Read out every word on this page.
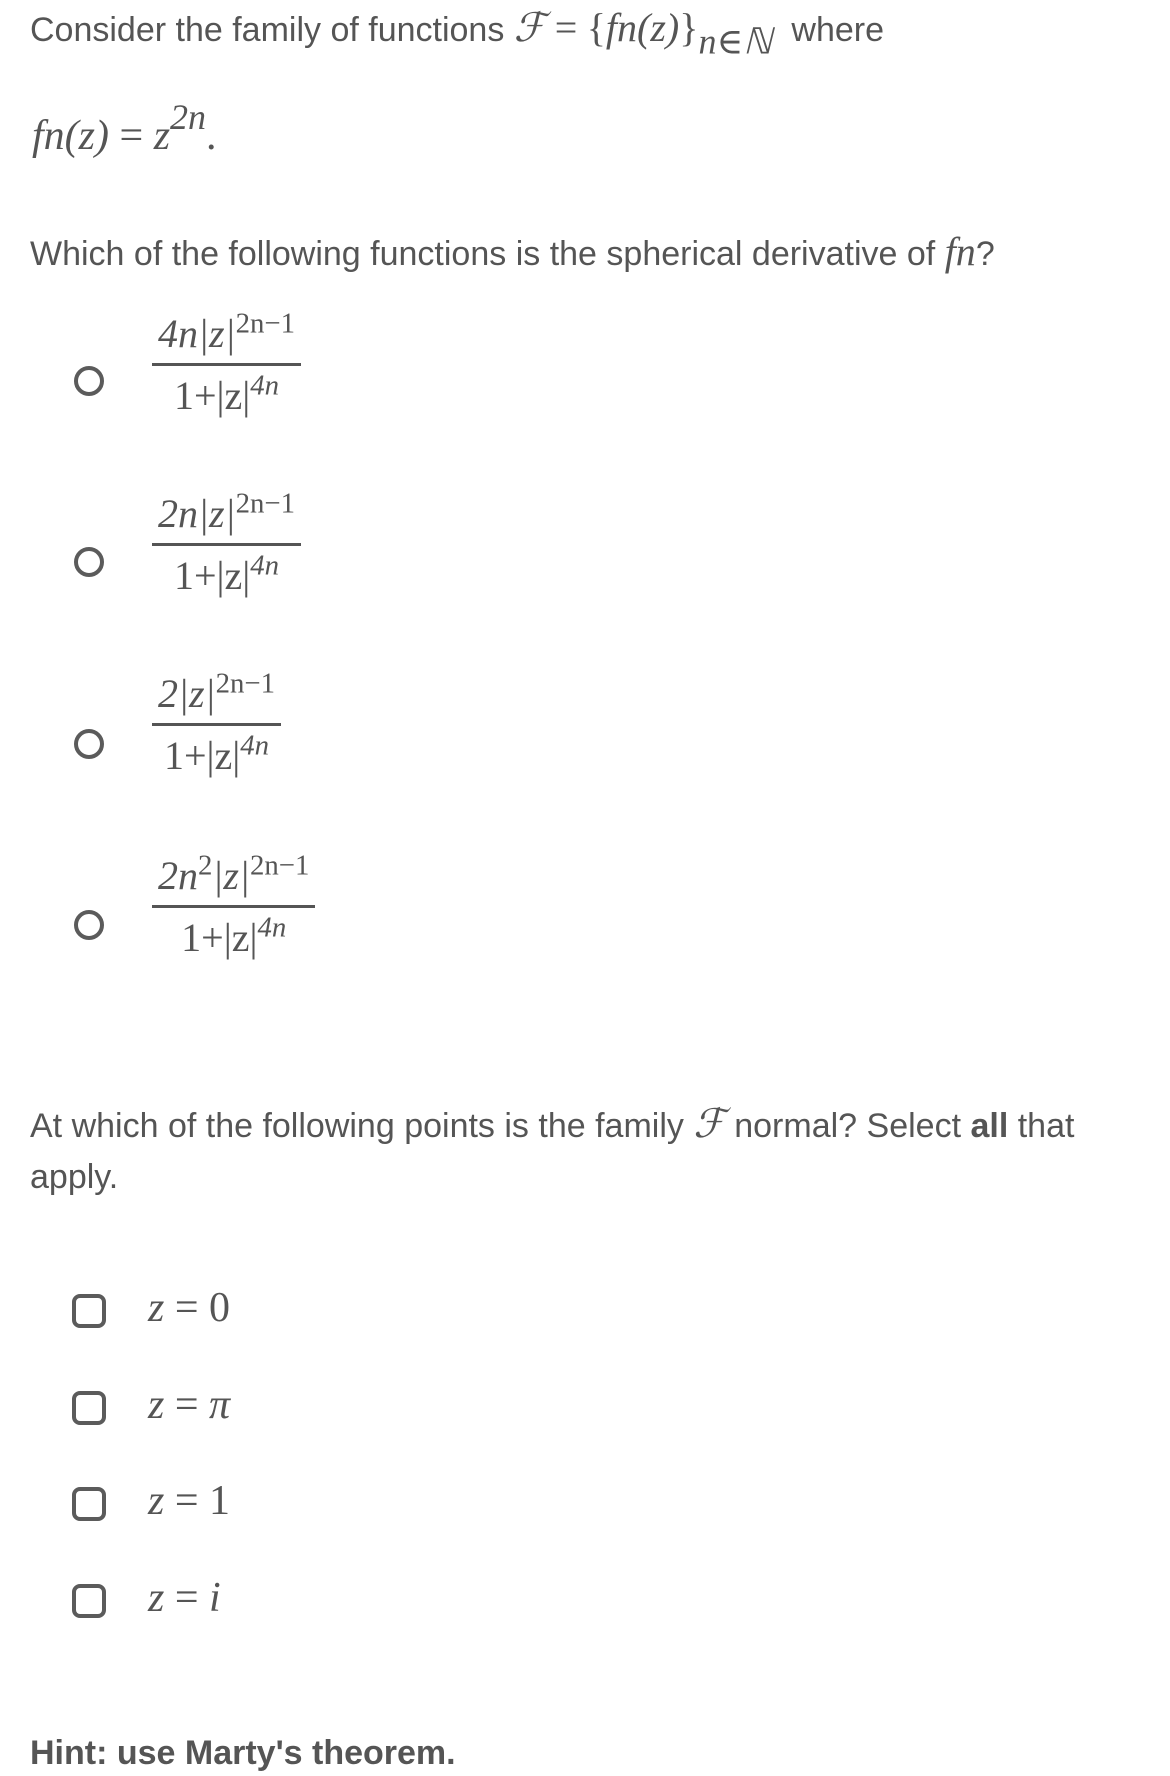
Consider the family of functions ℱ = {fn(z)}n∈ℕ where
fn(z) = z2n.
Which of the following functions is the spherical derivative of fn?
$4n|z|^{2n-1}$
$1+|z|^{4n}$
$2n|z|^{2n-1}$
$1+|z|^{4n}$
$2|z|^{2n-1}$
$1+|z|^{4n}$
$2n^2|z|^{2n-1}$
$1+|z|^{4n}$
At which of the following points is the family ℱ normal? Select all that
apply.
z = 0
z = π
z = 1
z = i
Hint: use Marty's theorem.
